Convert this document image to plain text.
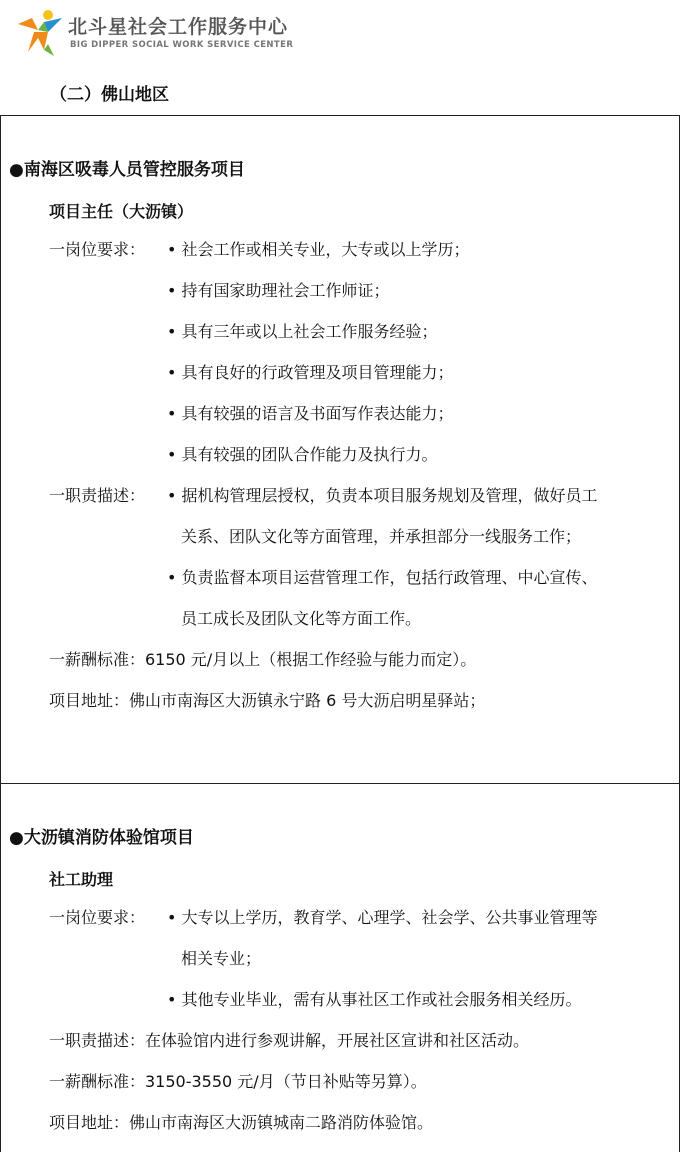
北斗星社会工作服务中心
BIG DIPPER SOCIAL WORK SERVICE CENTER
（二）佛山地区
●南海区吸毒人员管控服务项目
项目主任（大沥镇）
一岗位要求： • 社会工作或相关专业，大专或以上学历；
• 持有国家助理社会工作师证；
• 具有三年或以上社会工作服务经验；
• 具有良好的行政管理及项目管理能力；
• 具有较强的语言及书面写作表达能力；
• 具有较强的团队合作能力及执行力。
一职责描述： • 据机构管理层授权，负责本项目服务规划及管理，做好员工
关系、团队文化等方面管理，并承担部分一线服务工作；
• 负责监督本项目运营管理工作，包括行政管理、中心宣传、
员工成长及团队文化等方面工作。
一薪酬标准：6150 元/月以上（根据工作经验与能力而定）。
项目地址：佛山市南海区大沥镇永宁路 6 号大沥启明星驿站；
●大沥镇消防体验馆项目
社工助理
一岗位要求： • 大专以上学历，教育学、心理学、社会学、公共事业管理等
相关专业；
• 其他专业毕业，需有从事社区工作或社会服务相关经历。
一职责描述：在体验馆内进行参观讲解，开展社区宣讲和社区活动。
一薪酬标准：3150-3550 元/月（节日补贴等另算）。
项目地址：佛山市南海区大沥镇城南二路消防体验馆。
